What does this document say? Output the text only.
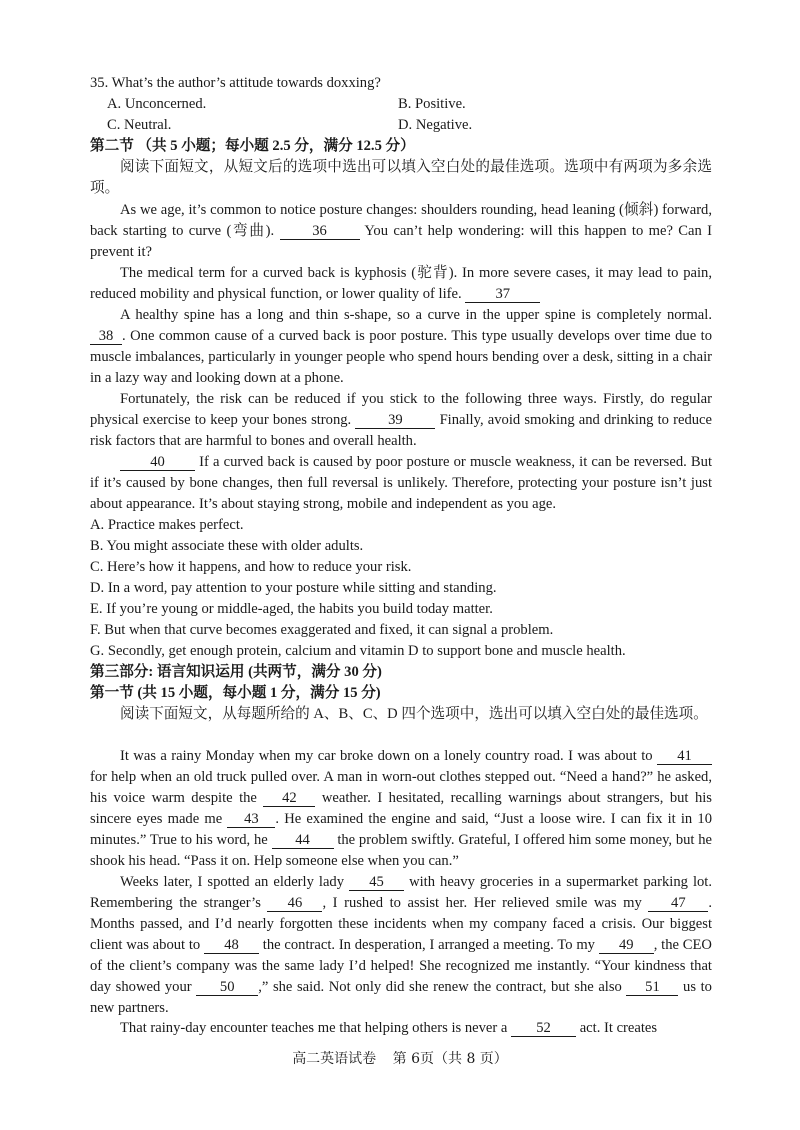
35. What’s the author’s attitude towards doxxing?
A. Unconcerned.	B. Positive.
C. Neutral.	D. Negative.
第二节 （共 5 小题；每小题 2.5 分，满分 12.5 分）

阅读下面短文，从短文后的选项中选出可以填入空白处的最佳选项。选项中有两项为多余选项。

As we age, it’s common to notice posture changes: shoulders rounding, head leaning (倾斜) forward, back starting to curve (弯曲).	36	You can’t help wondering: will this happen to me? Can I prevent it?

The medical term for a curved back is kyphosis (驼背). In more severe cases, it may lead to pain, reduced mobility and physical function, or lower quality of life. 37

A healthy spine has a long and thin s-shape, so a curve in the upper spine is completely normal. 38 . One common cause of a curved back is poor posture. This type usually develops over time due to muscle imbalances, particularly in younger people who spend hours bending over a desk, sitting in a chair in a lazy way and looking down at a phone.

Fortunately, the risk can be reduced if you stick to the following three ways. Firstly, do regular physical exercise to keep your bones strong.	39	Finally, avoid smoking and drinking to reduce risk factors that are harmful to bones and overall health.

40 If a curved back is caused by poor posture or muscle weakness, it can be reversed. But if it’s caused by bone changes, then full reversal is unlikely. Therefore, protecting your posture isn’t just about appearance. It’s about staying strong, mobile and independent as you age.

A. Practice makes perfect.
B. You might associate these with older adults.
C. Here’s how it happens, and how to reduce your risk.
D. In a word, pay attention to your posture while sitting and standing.
E. If you’re young or middle-aged, the habits you build today matter.
F. But when that curve becomes exaggerated and fixed, it can signal a problem.
G. Secondly, get enough protein, calcium and vitamin D to support bone and muscle health.
第三部分: 语言知识运用 (共两节，满分 30 分)
第一节 (共 15 小题，每小题 1 分，满分 15 分)

阅读下面短文，从每题所给的 A、B、C、D 四个选项中，选出可以填入空白处的最佳选项。

It was a rainy Monday when my car broke down on a lonely country road. I was about to 41 for help when an old truck pulled over. A man in worn-out clothes stepped out. “Need a hand?” he asked, his voice warm despite the 42 weather. I hesitated, recalling warnings about strangers, but his sincere eyes made me 43 . He examined the engine and said, “Just a loose wire. I can fix it in 10 minutes.” True to his word, he 44 the problem swiftly. Grateful, I offered him some money, but he shook his head. “Pass it on. Help someone else when you can.”

Weeks later, I spotted an elderly lady 45 with heavy groceries in a supermarket parking lot. Remembering the stranger’s 46 , I rushed to assist her. Her relieved smile was my 47 . Months passed, and I’d nearly forgotten these incidents when my company faced a crisis. Our biggest client was about to 48 the contract. In desperation, I arranged a meeting. To my 49 , the CEO of the client’s company was the same lady I’d helped! She recognized me instantly. “Your kindness that day showed your 50 ,” she said. Not only did she renew the contract, but she also 51 us to new partners.

That rainy-day encounter teaches me that helping others is never a 52 act. It creates

高二英语试卷 第 6页（共 8 页）
